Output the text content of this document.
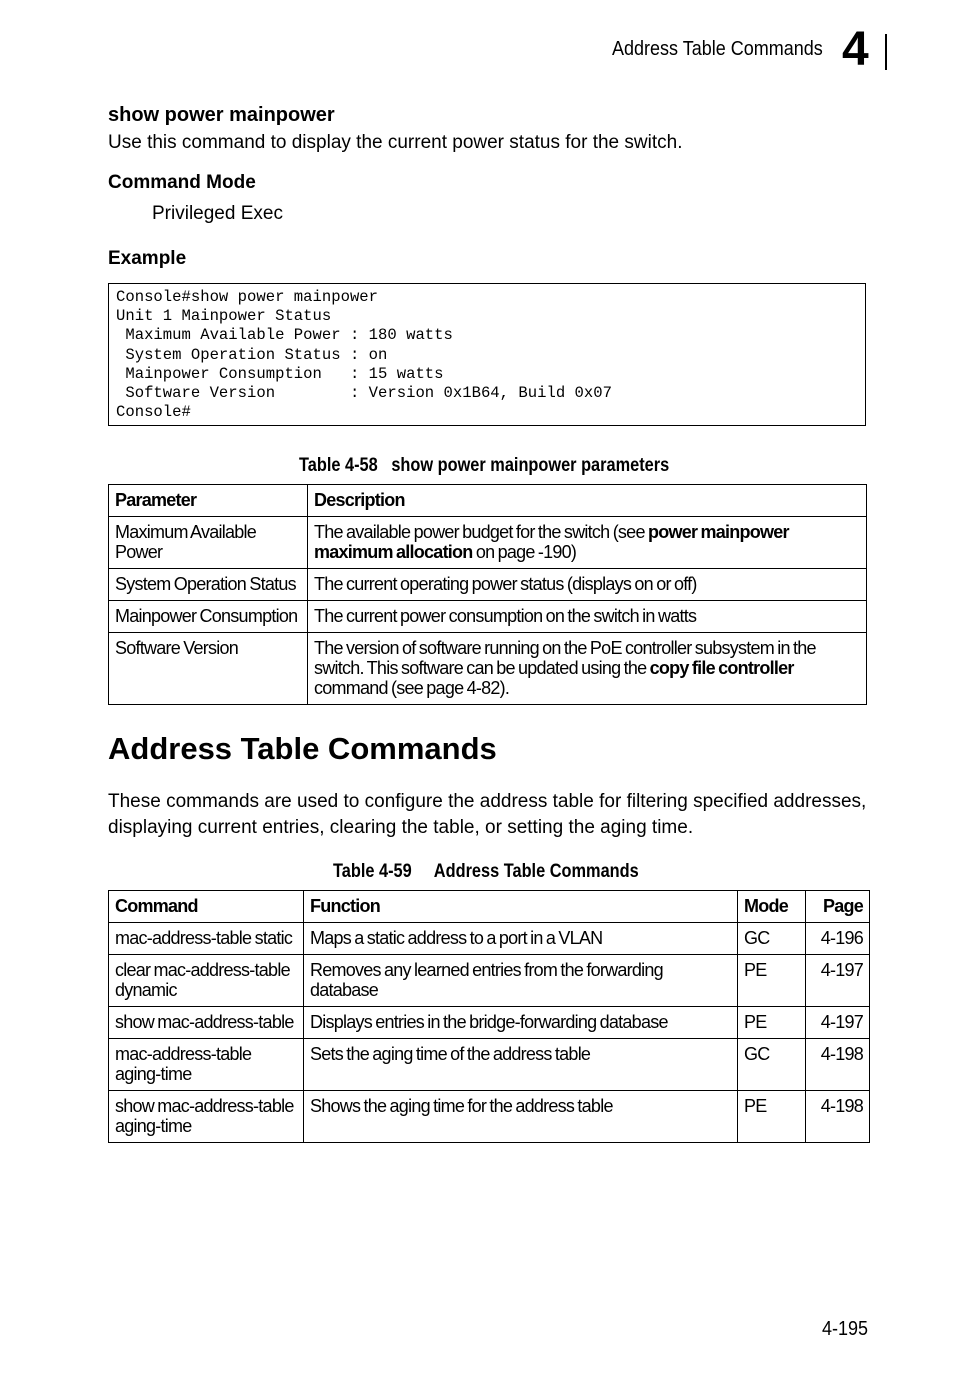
Address Table Commands 4
show power mainpower
Use this command to display the current power status for the switch.
Command Mode
Privileged Exec
Example
Console#show power mainpower
Unit 1 Mainpower Status
Maximum Available Power : 180 watts
System Operation Status : on
Mainpower Consumption   : 15 watts
Software Version        : Version 0x1B64, Build 0x07
Console#
Table 4-58   show power mainpower parameters
Parameter	Description
Maximum Available Power	The available power budget for the switch (see power mainpower maximum allocation on page -190)
System Operation Status	The current operating power status (displays on or off)
Mainpower Consumption	The current power consumption on the switch in watts
Software Version	The version of software running on the PoE controller subsystem in the switch. This software can be updated using the copy file controller command (see page 4-82).
Address Table Commands
These commands are used to configure the address table for filtering specified addresses, displaying current entries, clearing the table, or setting the aging time.
Table 4-59     Address Table Commands
Command	Function	Mode	Page
mac-address-table static	Maps a static address to a port in a VLAN	GC	4-196
clear mac-address-table dynamic	Removes any learned entries from the forwarding database	PE	4-197
show mac-address-table	Displays entries in the bridge-forwarding database	PE	4-197
mac-address-table aging-time	Sets the aging time of the address table	GC	4-198
show mac-address-table aging-time	Shows the aging time for the address table	PE	4-198
4-195
